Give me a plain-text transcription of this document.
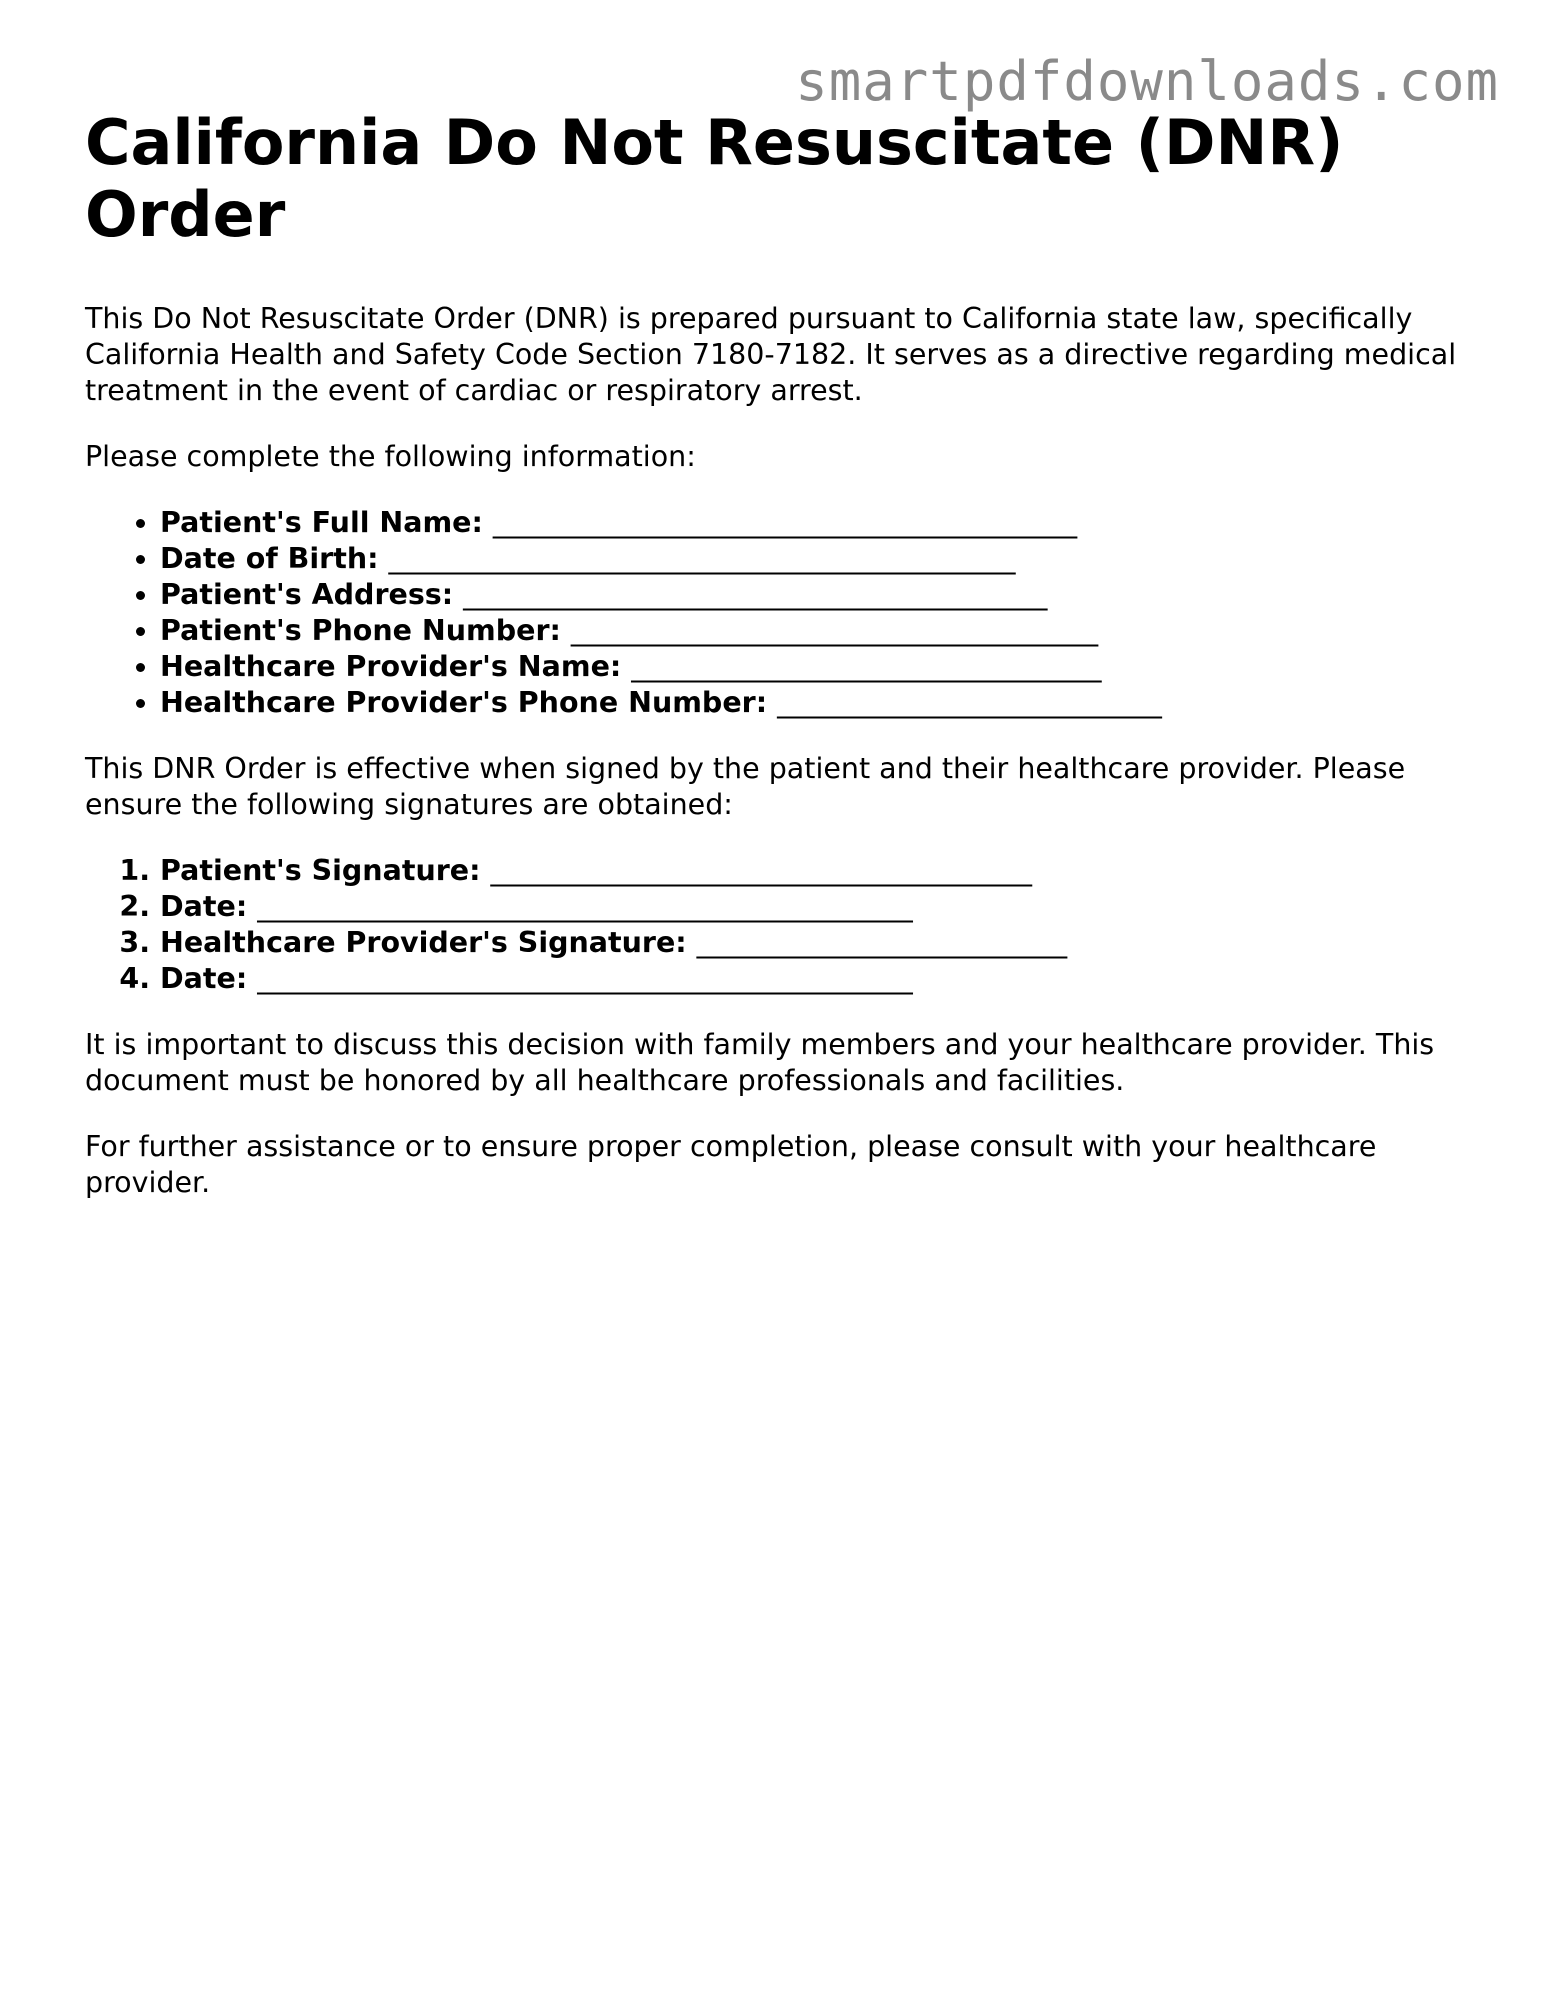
smartpdfdownloads.com
California Do Not Resuscitate (DNR) Order

This Do Not Resuscitate Order (DNR) is prepared pursuant to California state law, specifically California Health and Safety Code Section 7180-7182. It serves as a directive regarding medical treatment in the event of cardiac or respiratory arrest.

Please complete the following information:

• Patient's Full Name: _________________________________________
• Date of Birth: ____________________________________________
• Patient's Address: _________________________________________
• Patient's Phone Number: _____________________________________
• Healthcare Provider's Name: _________________________________
• Healthcare Provider's Phone Number: ___________________________

This DNR Order is effective when signed by the patient and their healthcare provider. Please ensure the following signatures are obtained:

1. Patient's Signature: ______________________________________
2. Date: ______________________________________________
3. Healthcare Provider's Signature: __________________________
4. Date: ______________________________________________

It is important to discuss this decision with family members and your healthcare provider. This document must be honored by all healthcare professionals and facilities.

For further assistance or to ensure proper completion, please consult with your healthcare provider.
